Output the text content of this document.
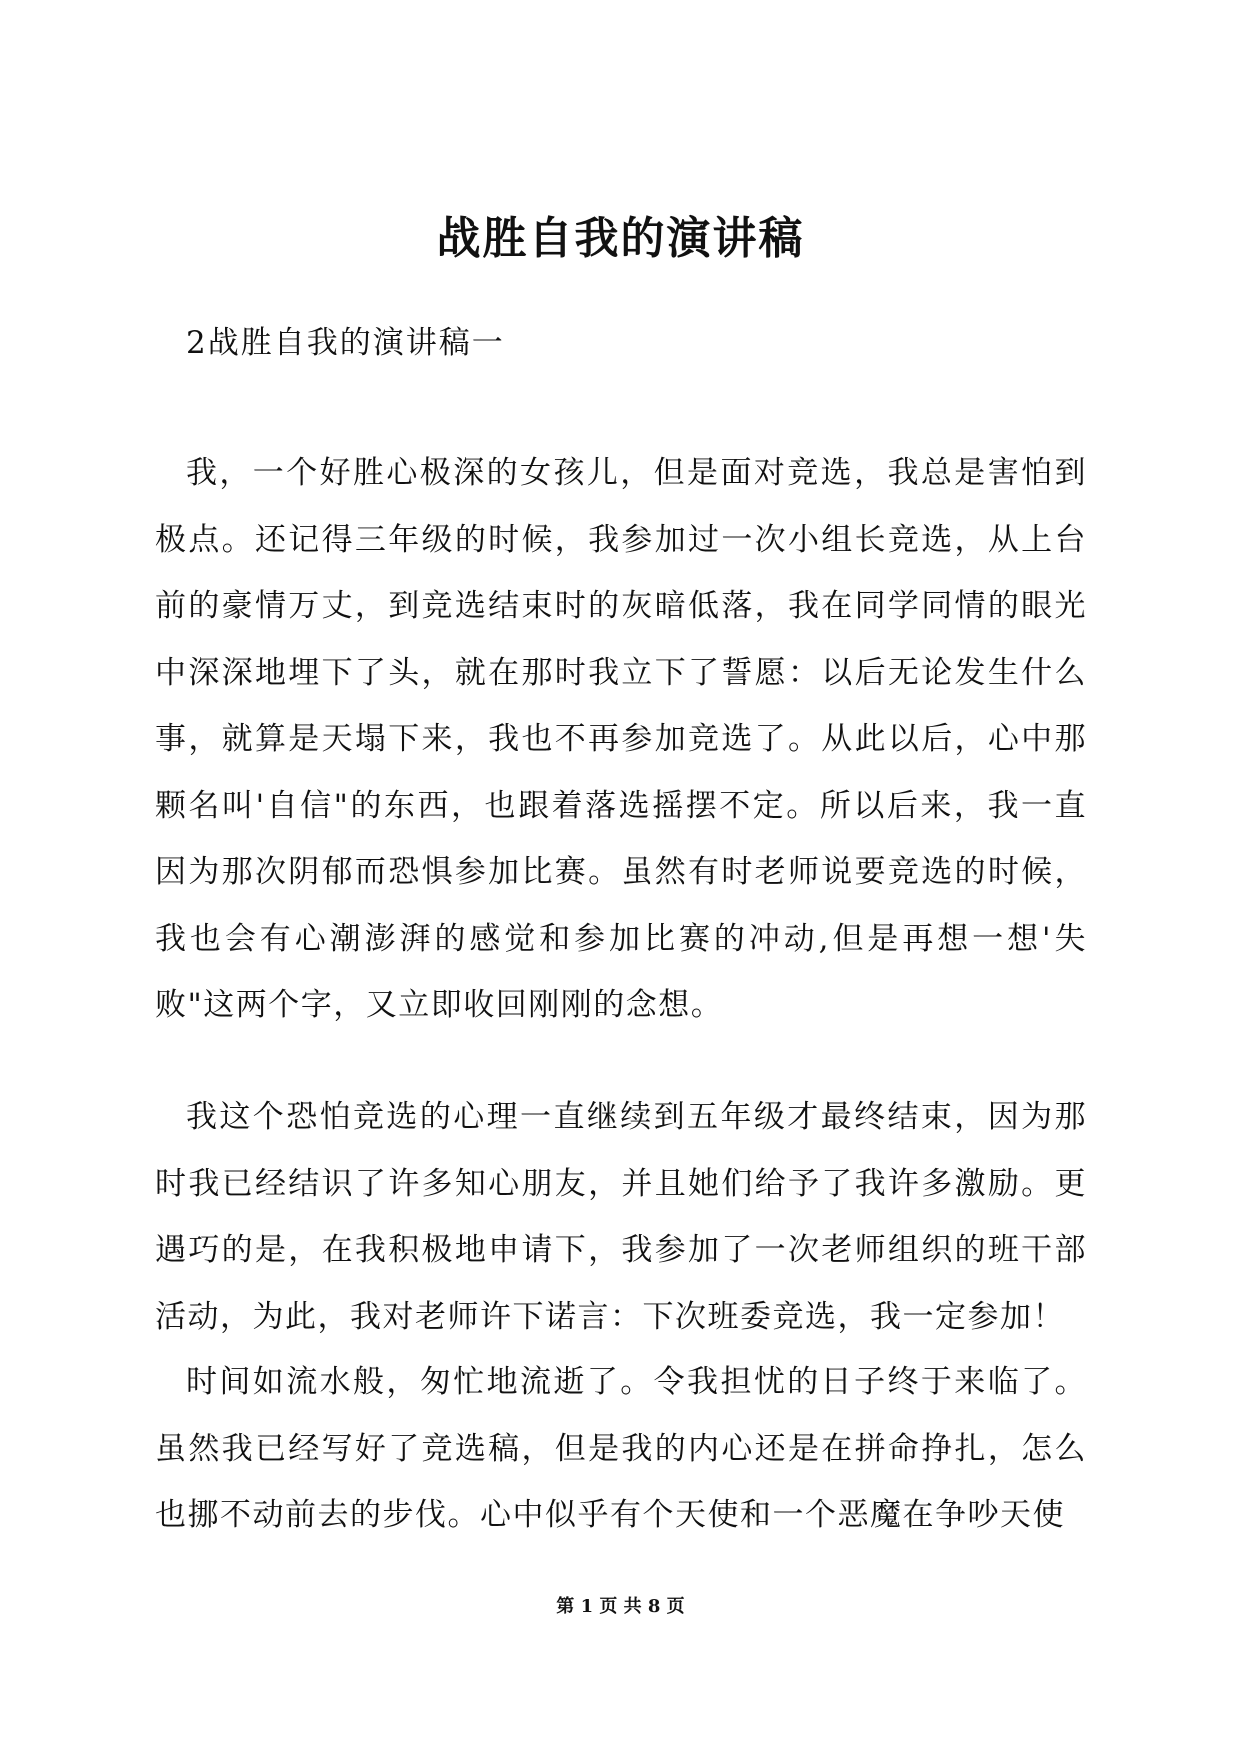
战胜自我的演讲稿
2战胜自我的演讲稿一

我，一个好胜心极深的女孩儿，但是面对竞选，我总是害怕到极点。还记得三年级的时候，我参加过一次小组长竞选，从上台前的豪情万丈，到竞选结束时的灰暗低落，我在同学同情的眼光中深深地埋下了头，就在那时我立下了誓愿：以后无论发生什么事，就算是天塌下来，我也不再参加竞选了。从此以后，心中那颗名叫'自信"的东西，也跟着落选摇摆不定。所以后来，我一直因为那次阴郁而恐惧参加比赛。虽然有时老师说要竞选的时候，我也会有心潮澎湃的感觉和参加比赛的冲动,但是再想一想'失败"这两个字，又立即收回刚刚的念想。

我这个恐怕竞选的心理一直继续到五年级才最终结束，因为那时我已经结识了许多知心朋友，并且她们给予了我许多激励。更遇巧的是，在我积极地申请下，我参加了一次老师组织的班干部活动，为此，我对老师许下诺言：下次班委竞选，我一定参加！

时间如流水般，匆忙地流逝了。令我担忧的日子终于来临了。虽然我已经写好了竞选稿，但是我的内心还是在拼命挣扎，怎么也挪不动前去的步伐。心中似乎有个天使和一个恶魔在争吵天使

第 1 页 共 8 页
